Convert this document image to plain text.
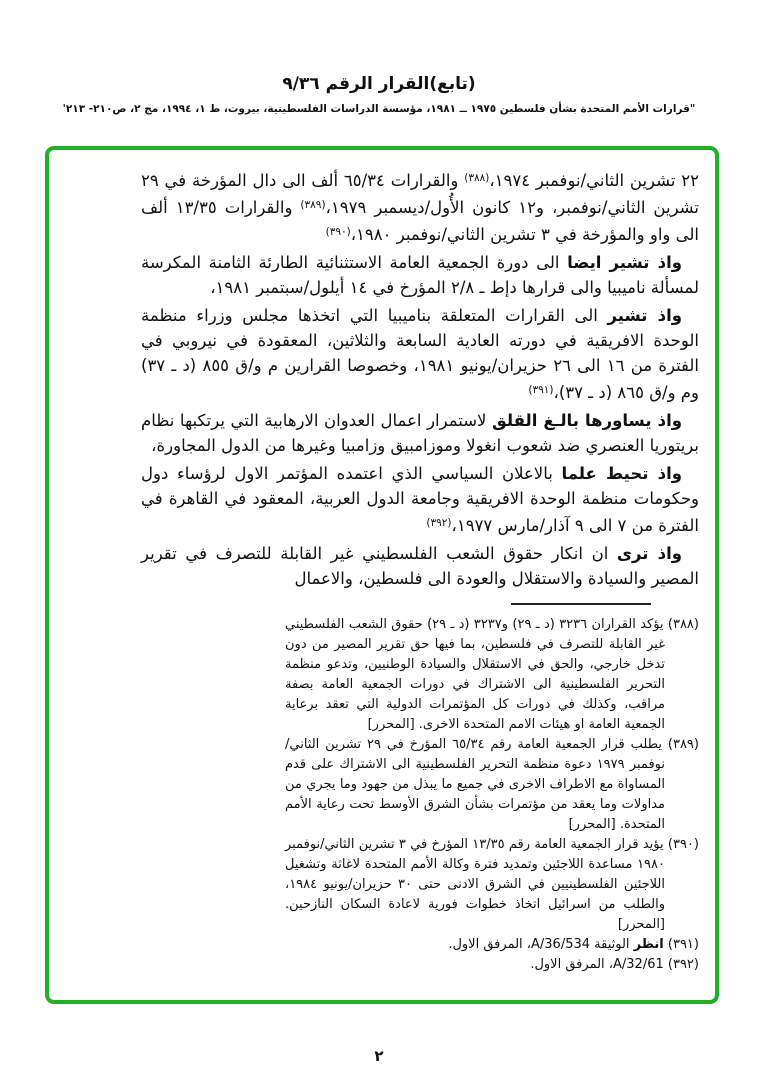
(تابع)القرار الرقم ٩/٣٦
"قرارات الأمم المتحدة بشأن فلسطين ١٩٧٥ ــ ١٩٨١، مؤسسة الدراسات الفلسطينية، بيروت، ط ١، ١٩٩٤، مج ٢، ص٢١٠- ٢١٣'

٢٢ تشرين الثاني/نوفمبر ١٩٧٤،$^{(٣٨٨)}$ والقرارات ٦٥/٣٤ ألف الى دال المؤرخة في ٢٩ تشرين الثاني/نوفمبر، و١٢ كانون الأُول/ديسمبر ١٩٧٩،$^{(٣٨٩)}$ والقرارات ١٣/٣٥ ألف الى واو والمؤرخة في ٣ تشرين الثاني/نوفمبر ١٩٨٠،$^{(٣٩٠)}$

واذ تشير ايضا الى دورة الجمعية العامة الاستثنائية الطارئة الثامنة المكرسة لمسألة ناميبيا والى قرارها دإط ـ ٢/٨ المؤرخ في ١٤ أيلول/سبتمبر ١٩٨١،

واذ تشير الى القرارات المتعلقة بناميبيا التي اتخذها مجلس وزراء منظمة الوحدة الافريقية في دورته العادية السابعة والثلاثين، المعقودة في نيروبي في الفترة من ١٦ الى ٢٦ حزيران/يونيو ١٩٨١، وخصوصا القرارين م و/ق ٨٥٥ (د ـ ٣٧) وم و/ق ٨٦٥ (د ـ ٣٧)،$^{(٣٩١)}$

واذ يساورها بالـغ القلق لاستمرار اعمال العدوان الارهابية التي يرتكبها نظام بريتوريا العنصري ضد شعوب انغولا وموزامبيق وزامبيا وغيرها من الدول المجاورة،

واذ تحيط علما بالاعلان السياسي الذي اعتمده المؤتمر الاول لرؤساء دول وحكومات منظمة الوحدة الافريقية وجامعة الدول العربية، المعقود في القاهرة في الفترة من ٧ الى ٩ آذار/مارس ١٩٧٧،$^{(٣٩٢)}$

واذ ترى ان انكار حقوق الشعب الفلسطيني غير القابلة للتصرف في تقرير المصير والسيادة والاستقلال والعودة الى فلسطين، والاعمال

(٣٨٨) يؤكد القراران ٣٢٣٦ (د ـ ٢٩) و٣٢٣٧ (د ـ ٢٩) حقوق الشعب الفلسطيني غير القابلة للتصرف في فلسطين، بما فيها حق تقرير المصير من دون تدخل خارجي، والحق في الاستقلال والسيادة الوطنيين، وتدعو منظمة التحرير الفلسطينية الى الاشتراك في دورات الجمعية العامة بصفة مراقب، وكذلك في دورات كل المؤتمرات الدولية التي تعقد برعاية الجمعية العامة او هيئات الامم المتحدة الاخرى. [المحرر]

(٣٨٩) يطلب قرار الجمعية العامة رقم ٦٥/٣٤ المؤرخ في ٢٩ تشرين الثاني/نوفمبر ١٩٧٩ دعوة منظمة التحرير الفلسطينية الى الاشتراك على قدم المساواة مع الاطراف الاخرى في جميع ما يبذل من جهود وما يجري من مداولات وما يعقد من مؤتمرات بشأن الشرق الأوسط تحت رعاية الأمم المتحدة. [المحرر]

(٣٩٠) يؤيد قرار الجمعية العامة رقم ١٣/٣٥ المؤرخ في ٣ تشرين الثاني/نوفمبر ١٩٨٠ مساعدة اللاجئين وتمديد فترة وكالة الأمم المتحدة لاغاثة وتشغيل اللاجئين الفلسطينيين في الشرق الادنى حتى ٣٠ حزيران/يونيو ١٩٨٤، والطلب من اسرائيل اتخاذ خطوات فورية لاعادة السكان النازحين. [المحرر]

(٣٩١) انظر الوثيقة A/36/534، المرفق الاول.

(٣٩٢) A/32/61، المرفق الاول.

٢
